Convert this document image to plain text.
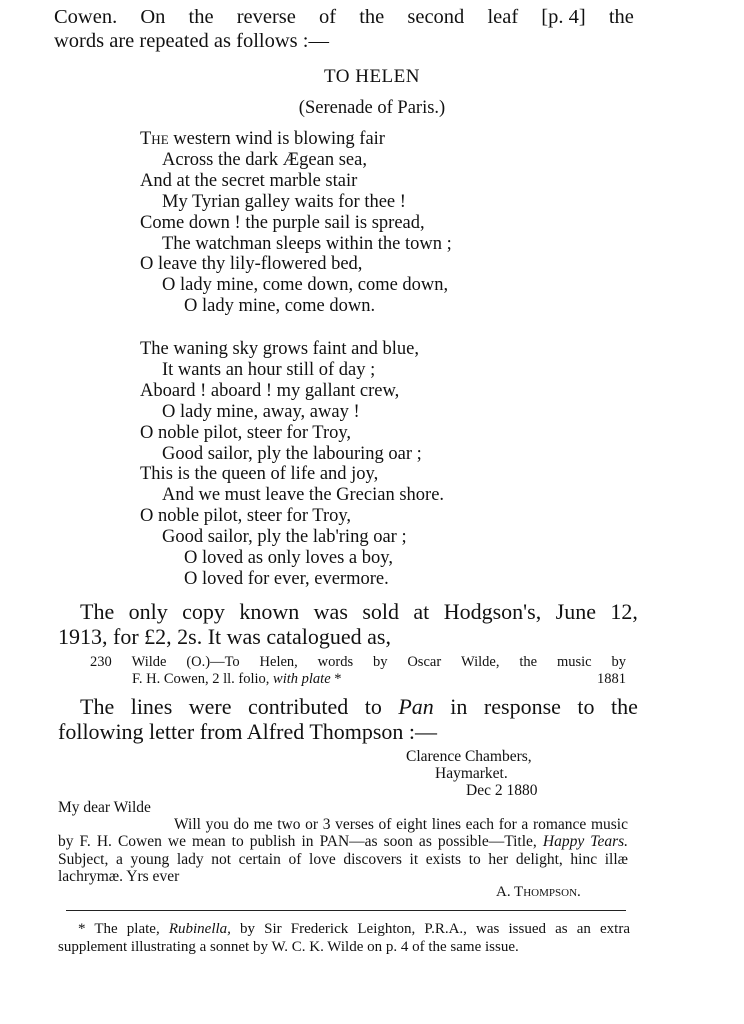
Cowen. On the reverse of the second leaf [p. 4] the
words are repeated as follows :—
TO HELEN
(Serenade of Paris.)
The western wind is blowing fair
Across the dark Ægean sea,
And at the secret marble stair
My Tyrian galley waits for thee !
Come down ! the purple sail is spread,
The watchman sleeps within the town ;
O leave thy lily-flowered bed,
O lady mine, come down, come down,
O lady mine, come down.
The waning sky grows faint and blue,
It wants an hour still of day ;
Aboard ! aboard ! my gallant crew,
O lady mine, away, away !
O noble pilot, steer for Troy,
Good sailor, ply the labouring oar ;
This is the queen of life and joy,
And we must leave the Grecian shore.
O noble pilot, steer for Troy,
Good sailor, ply the lab'ring oar ;
O loved as only loves a boy,
O loved for ever, evermore.
The only copy known was sold at Hodgson's, June 12,
1913, for £2, 2s. It was catalogued as,
230 Wilde (O.)—To Helen, words by Oscar Wilde, the music by
F. H. Cowen, 2 ll. folio, with plate *	1881
The lines were contributed to Pan in response to the
following letter from Alfred Thompson :—
Clarence Chambers,
Haymarket.
Dec 2 1880
My dear Wilde
Will you do me two or 3 verses of eight lines each for a romance music by F. H. Cowen we mean to publish in PAN—as soon as possible—Title, Happy Tears. Subject, a young lady not certain of love discovers it exists to her delight, hinc illæ lachrymæ. Yrs ever
A. Thompson.
* The plate, Rubinella, by Sir Frederick Leighton, P.R.A., was issued as an extra supplement illustrating a sonnet by W. C. K. Wilde on p. 4 of the same issue.
